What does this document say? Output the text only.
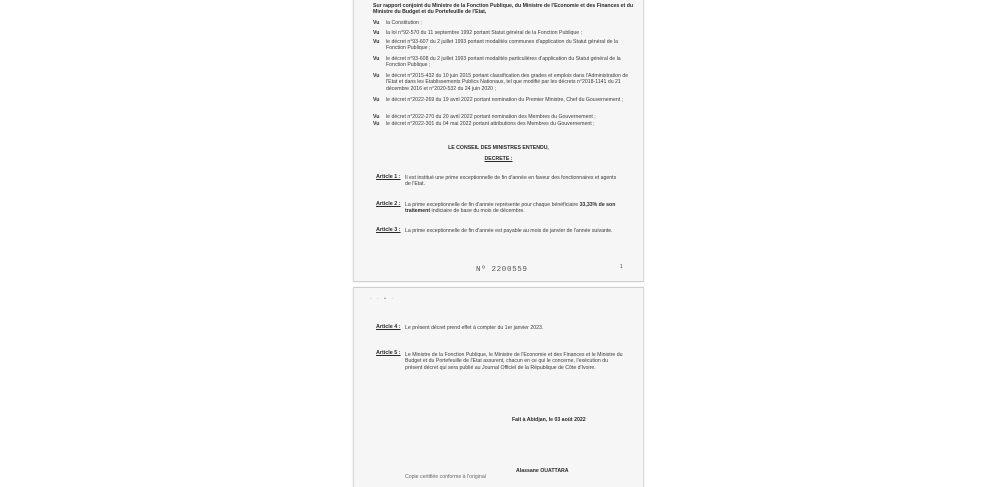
Sur rapport conjoint du Ministre de la Fonction Publique, du Ministre de l'Economie et des Finances et du Ministre du Budget et du Portefeuille de l'Etat,
Vu la Constitution ;
Vu la loi n°92-570 du 11 septembre 1992 portant Statut général de la Fonction Publique ;
Vu le décret n°93-607 du 2 juillet 1993 portant modalités communes d'application du Statut général de la Fonction Publique ;
Vu le décret n°93-608 du 2 juillet 1993 portant modalités particulières d'application du Statut général de la Fonction Publique ;
Vu le décret n°2015-432 du 10 juin 2015 portant classification des grades et emplois dans l'Administration de l'Etat et dans les Etablissements Publics Nationaux, tel que modifié par les décrets n°2018-1141 du 21 décembre 2016 et n°2020-532 du 24 juin 2020 ;
Vu le décret n°2022-269 du 19 avril 2022 portant nomination du Premier Ministre, Chef du Gouvernement ;
Vu le décret n°2022-270 du 20 avril 2022 portant nomination des Membres du Gouvernement ;
Vu le décret n°2022-301 du 04 mai 2022 portant attributions des Membres du Gouvernement ;
LE CONSEIL DES MINISTRES ENTENDU,
DECRETE :
Article 1 : Il est institué une prime exceptionnelle de fin d'année en faveur des fonctionnaires et agents de l'Etat.
Article 2 : La prime exceptionnelle de fin d'année représente pour chaque bénéficiaire 33,33% de son traitement indiciaire de base du mois de décembre.
Article 3 : La prime exceptionnelle de fin d'année est payable au mois de janvier de l'année suivante.
Nº 2200559	1
· · • ·
Article 4 : Le présent décret prend effet à compter du 1er janvier 2023.
Article 5 : Le Ministre de la Fonction Publique, le Ministre de l'Economie et des Finances et le Ministre du Budget et du Portefeuille de l'Etat assurent, chacun en ce qui le concerne, l'exécution du présent décret qui sera publié au Journal Officiel de la République de Côte d'Ivoire.
Fait à Abidjan, le 03 août 2022
Alassane OUATTARA
Copie certifiée conforme à l'original
